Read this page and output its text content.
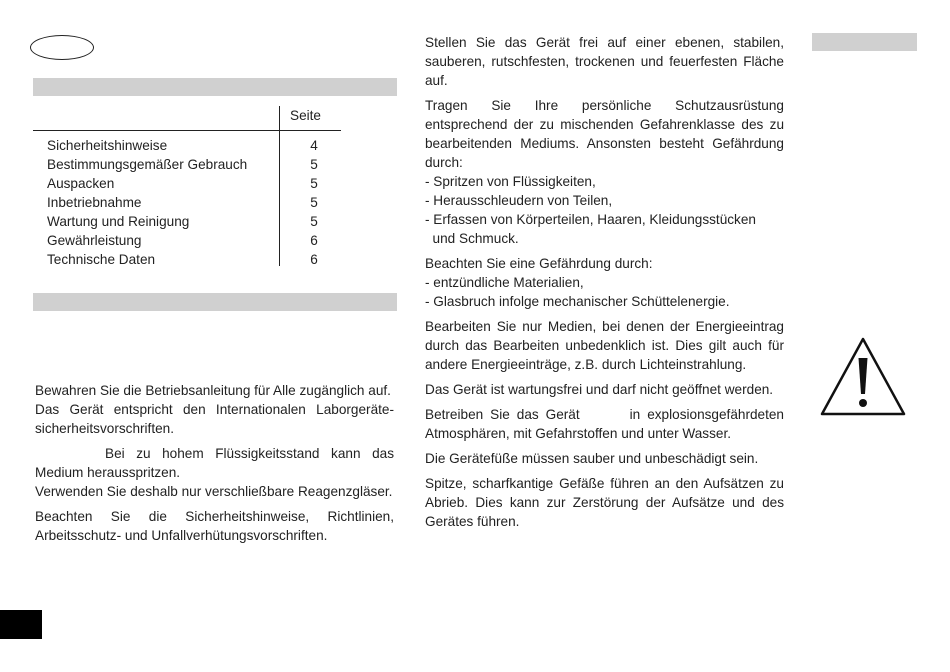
Seite
Sicherheitshinweise	4
Bestimmungsgemäßer Gebrauch	5
Auspacken	5
Inbetriebnahme	5
Wartung und Reinigung	5
Gewährleistung	6
Technische Daten	6

Bewahren Sie die Betriebsanleitung für Alle zugänglich auf.

Das Gerät entspricht den Internationalen Laborgeräte-sicherheitsvorschriften.

Bei zu hohem Flüssigkeitsstand kann das Medium herausspritzen.

Verwenden Sie deshalb nur verschließbare Reagenzgläser.

Beachten Sie die Sicherheitshinweise, Richtlinien, Arbeitsschutz- und Unfallverhütungsvorschriften.

Stellen Sie das Gerät frei auf einer ebenen, stabilen, sauberen, rutschfesten, trockenen und feuerfesten Fläche auf.

Tragen Sie Ihre persönliche Schutzausrüstung entsprechend der zu mischenden Gefahrenklasse des zu bearbeitenden Mediums. Ansonsten besteht Gefährdung durch:

- Spritzen von Flüssigkeiten,

- Herausschleudern von Teilen,

- Erfassen von Körperteilen, Haaren, Kleidungsstücken

und Schmuck.

Beachten Sie eine Gefährdung durch:

- entzündliche Materialien,

- Glasbruch infolge mechanischer Schüttelenergie.

Bearbeiten Sie nur Medien, bei denen der Energieeintrag durch das Bearbeiten unbedenklich ist. Dies gilt auch für andere Energieeinträge, z.B. durch Lichteinstrahlung.

Das Gerät ist wartungsfrei und darf nicht geöffnet werden.

Betreiben Sie das Gerät	in explosionsgefährdeten Atmosphären, mit Gefahrstoffen und unter Wasser.

Die Gerätefüße müssen sauber und unbeschädigt sein.

Spitze, scharfkantige Gefäße führen an den Aufsätzen zu Abrieb. Dies kann zur Zerstörung der Aufsätze und des Gerätes führen.
